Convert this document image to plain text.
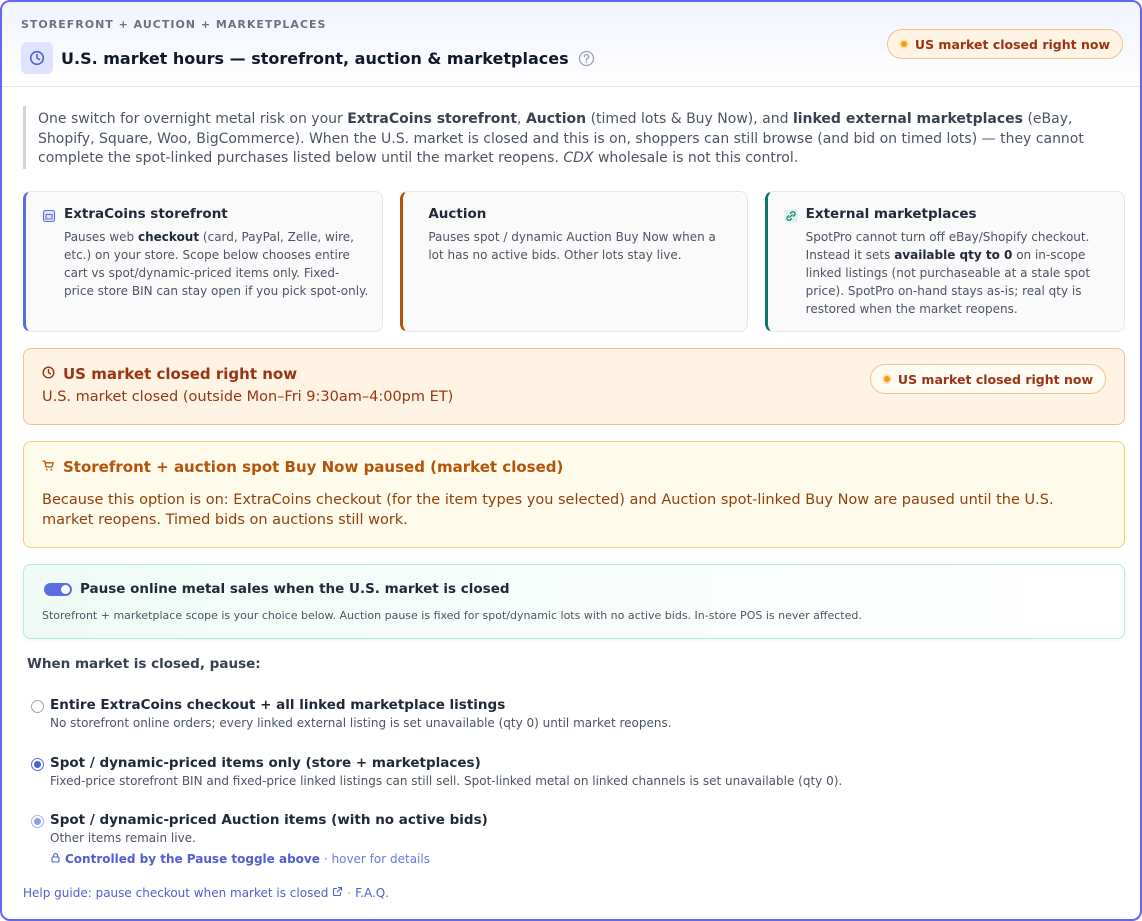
STOREFRONT + AUCTION + MARKETPLACES
U.S. market hours — storefront, auction & marketplaces
US market closed right now
One switch for overnight metal risk on your ExtraCoins storefront, Auction (timed lots & Buy Now), and linked external marketplaces (eBay, Shopify, Square, Woo, BigCommerce). When the U.S. market is closed and this is on, shoppers can still browse (and bid on timed lots) — they cannot complete the spot-linked purchases listed below until the market reopens. CDX wholesale is not this control.
ExtraCoins storefront

Pauses web checkout (card, PayPal, Zelle, wire, etc.) on your store. Scope below chooses entire cart vs spot/dynamic-priced items only. Fixed-price store BIN can stay open if you pick spot-only.

Auction

Pauses spot / dynamic Auction Buy Now when a lot has no active bids. Other lots stay live.

External marketplaces

SpotPro cannot turn off eBay/Shopify checkout. Instead it sets available qty to 0 on in-scope linked listings (not purchaseable at a stale spot price). SpotPro on-hand stays as-is; real qty is restored when the market reopens.

US market closed right now
U.S. market closed (outside Mon–Fri 9:30am–4:00pm ET)
US market closed right now
Storefront + auction spot Buy Now paused (market closed)

Because this option is on: ExtraCoins checkout (for the item types you selected) and Auction spot-linked Buy Now are paused until the U.S. market reopens. Timed bids on auctions still work.

Pause online metal sales when the U.S. market is closed
Storefront + marketplace scope is your choice below. Auction pause is fixed for spot/dynamic lots with no active bids. In-store POS is never affected.
When market is closed, pause:
Entire ExtraCoins checkout + all linked marketplace listings
No storefront online orders; every linked external listing is set unavailable (qty 0) until market reopens.
Spot / dynamic-priced items only (store + marketplaces)
Fixed-price storefront BIN and fixed-price linked listings can still sell. Spot-linked metal on linked channels is set unavailable (qty 0).
Spot / dynamic-priced Auction items (with no active bids)
Other items remain live.
Controlled by the Pause toggle above · hover for details
Help guide: pause checkout when market is closed · F.A.Q.
